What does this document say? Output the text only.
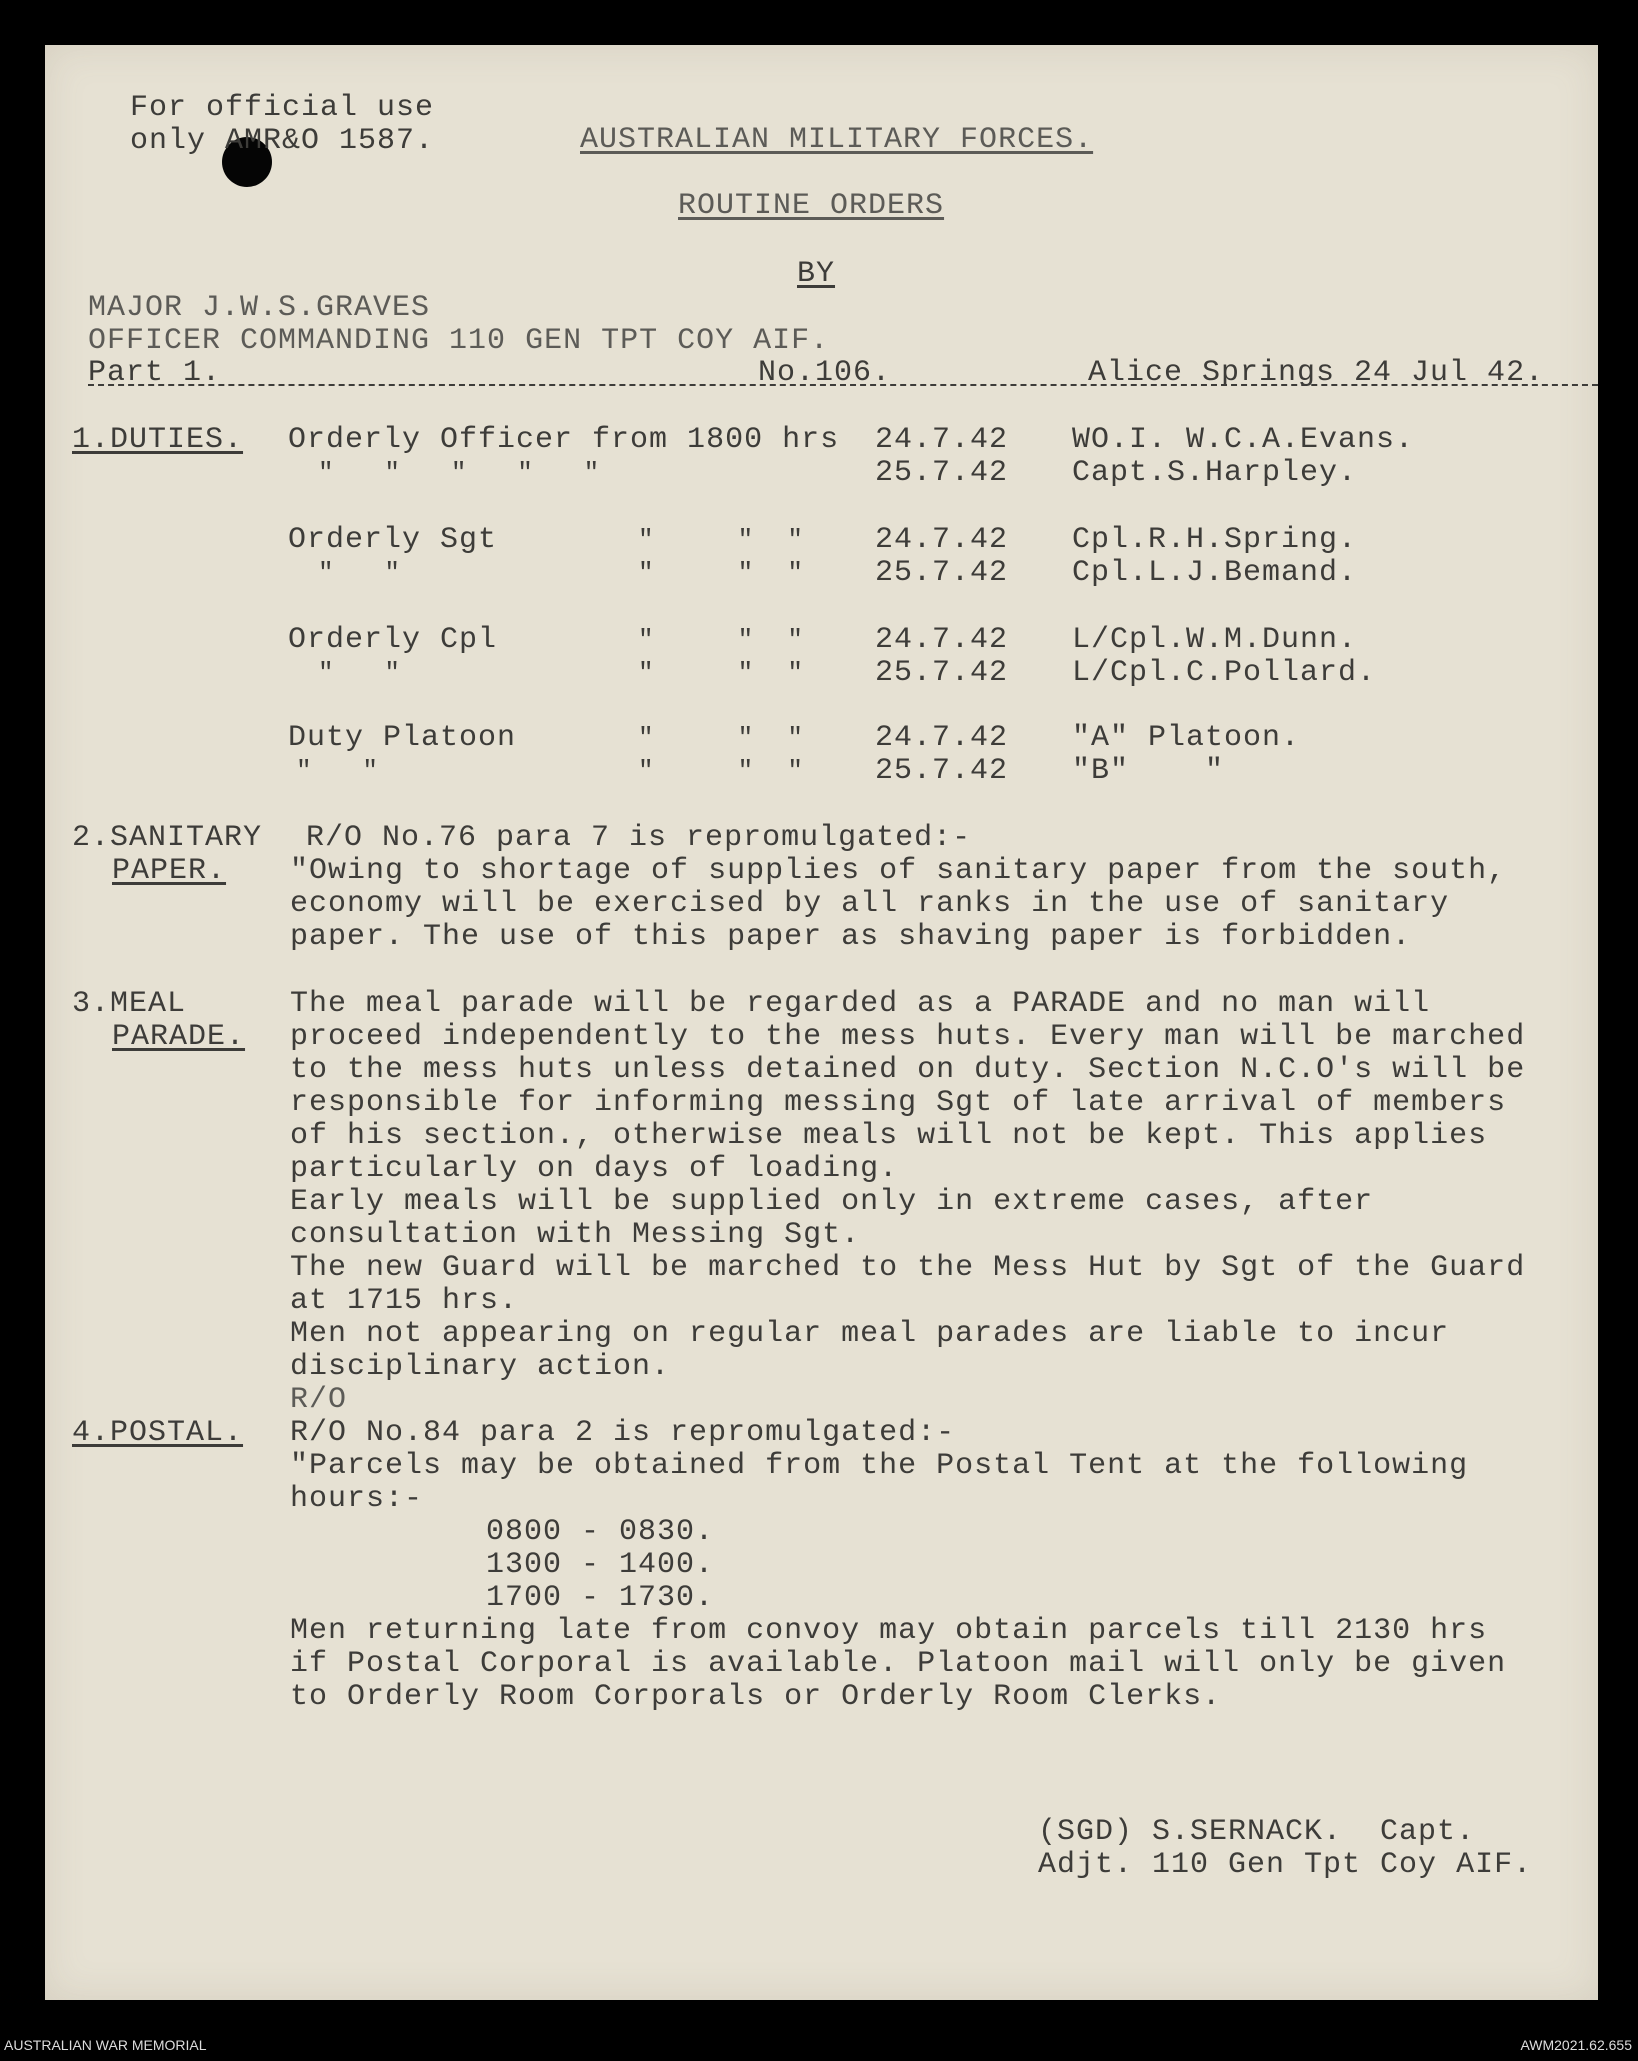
For official use
only AMR&O 1587.	AUSTRALIAN MILITARY FORCES.
ROUTINE ORDERS
BY
MAJOR J.W.S.GRAVES
OFFICER COMMANDING 110 GEN TPT COY AIF.
Part 1.	No.106.	Alice Springs 24 Jul 42.
1.DUTIES. Orderly Officer from 1800 hrs 24.7.42 WO.I. W.C.A.Evans.
"   "   "   "   "	25.7.42 Capt.S.Harpley.
Orderly Sgt	"     "  " 24.7.42 Cpl.R.H.Spring.
"   "	"     "  " 25.7.42 Cpl.L.J.Bemand.
Orderly Cpl	"     "  " 24.7.42 L/Cpl.W.M.Dunn.
"   "	"     "  " 25.7.42 L/Cpl.C.Pollard.
Duty Platoon	"     "  " 24.7.42 "A" Platoon.
"   "	"     "  " 25.7.42 "B"    "
2.SANITARY
PAPER.
R/O No.76 para 7 is repromulgated:-
"Owing to shortage of supplies of sanitary paper from the south,
economy will be exercised by all ranks in the use of sanitary
paper. The use of this paper as shaving paper is forbidden.
3.MEAL
PARADE.
The meal parade will be regarded as a PARADE and no man will
proceed independently to the mess huts. Every man will be marched
to the mess huts unless detained on duty. Section N.C.O's will be
responsible for informing messing Sgt of late arrival of members
of his section., otherwise meals will not be kept. This applies
particularly on days of loading.
Early meals will be supplied only in extreme cases, after
consultation with Messing Sgt.
The new Guard will be marched to the Mess Hut by Sgt of the Guard
at 1715 hrs.
Men not appearing on regular meal parades are liable to incur
disciplinary action.
R/O
4.POSTAL. R/O No.84 para 2 is repromulgated:-
"Parcels may be obtained from the Postal Tent at the following
hours:-
0800 - 0830.
1300 - 1400.
1700 - 1730.
Men returning late from convoy may obtain parcels till 2130 hrs
if Postal Corporal is available. Platoon mail will only be given
to Orderly Room Corporals or Orderly Room Clerks.
(SGD) S.SERNACK.  Capt.
Adjt. 110 Gen Tpt Coy AIF.
AUSTRALIAN WAR MEMORIAL	AWM2021.62.655
